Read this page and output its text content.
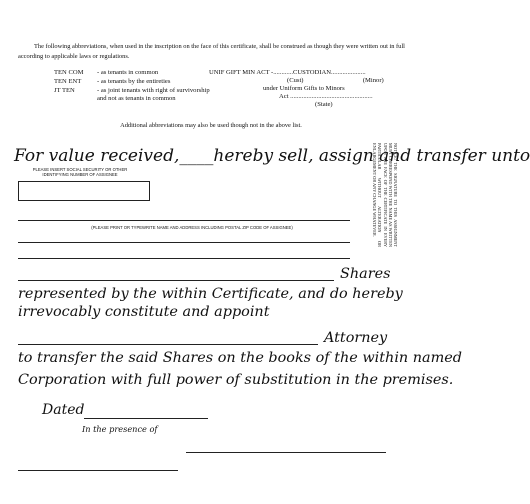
The following abbreviations, when used in the inscription on the face of this certificate, shall be construed as though they were written out in full according to applicable laws or regulations.
TEN COM	- as tenants in common
TEN ENT	- as tenants by the entireties
JT TEN	- as joint tenants with right of survivorship and not as tenants in common
UNIF GIFT MIN ACT -............CUSTODIAN.....................
(Cust)                                    (Minor)
under Uniform Gifts to Minors
Act ..................................................
(State)
Additional abbreviations may also be used though not in the above list.
For value received,____hereby sell, assign and transfer unto
PLEASE INSERT SOCIAL SECURITY OR OTHER IDENTIFYING NUMBER OF ASSIGNEE
(PLEASE PRINT OR TYPEWRITE NAME AND ADDRESS INCLUDING POSTAL ZIP CODE OF ASSIGNEE)
Shares
represented by the within Certificate, and do hereby
irrevocably constitute and appoint
Attorney
to transfer the said Shares on the books of the within named
Corporation with full power of substitution in the premises.
Dated
In the presence of
NOTICE: THE SIGNATURE TO THIS ASSIGNMENT MUST CORRESPOND WITH THE NAME AS WRITTEN UPON THE FACE OF THE CERTIFICATE IN EVERY PARTICULAR WITHOUT ALTERATION OR ENLARGEMENT OR ANY CHANGE WHATEVER.
